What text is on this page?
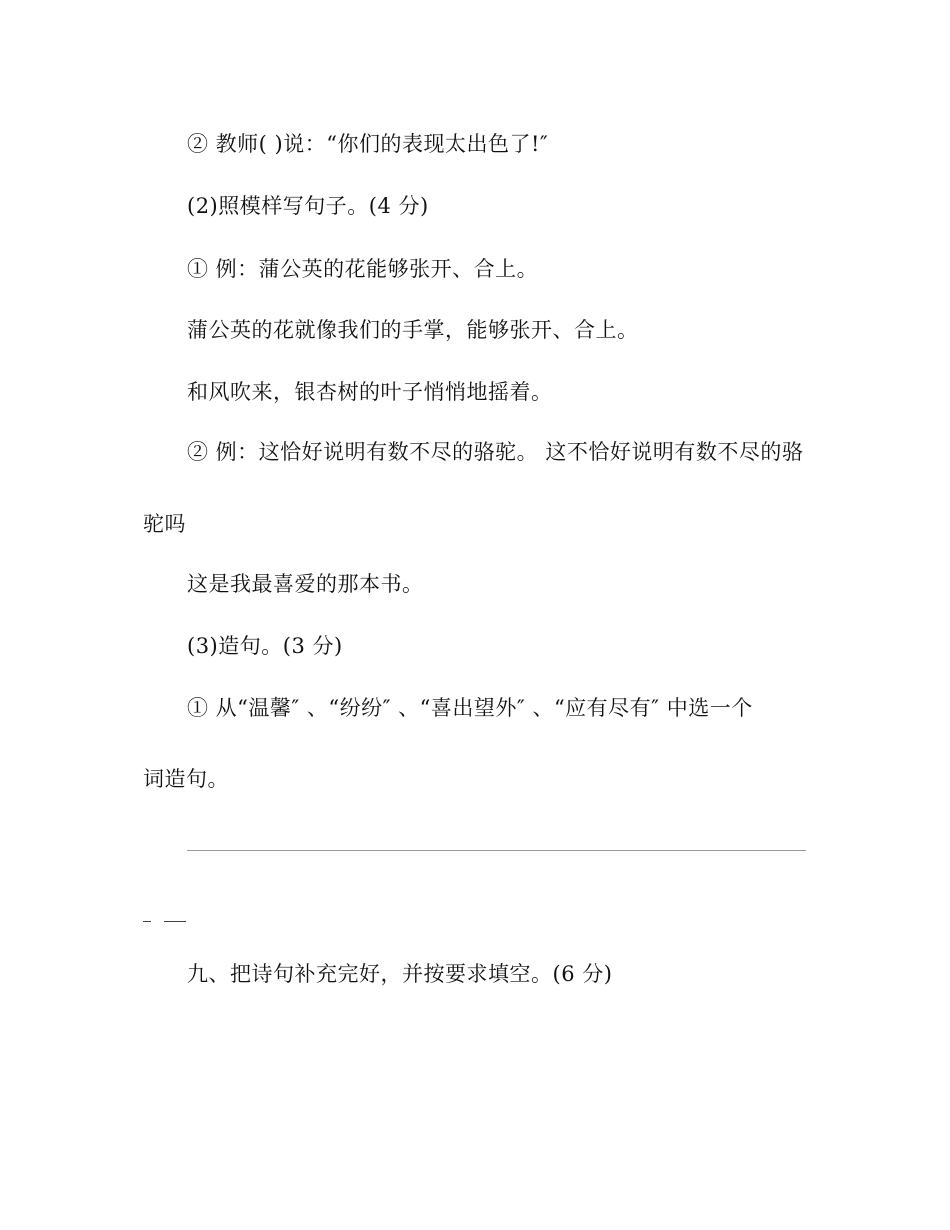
② 教师( )说：“你们的表现太出色了!″
(2)照模样写句子。(4 分)
① 例：蒲公英的花能够张开、合上。
蒲公英的花就像我们的手掌，能够张开、合上。
和风吹来，银杏树的叶子悄悄地摇着。
② 例：这恰好说明有数不尽的骆驼。 这不恰好说明有数不尽的骆
驼吗
这是我最喜爱的那本书。
(3)造句。(3 分)
① 从“温馨″ 、“纷纷″ 、“喜出望外″ 、“应有尽有″ 中选一个
词造句。
九、把诗句补充完好，并按要求填空。(6 分)
